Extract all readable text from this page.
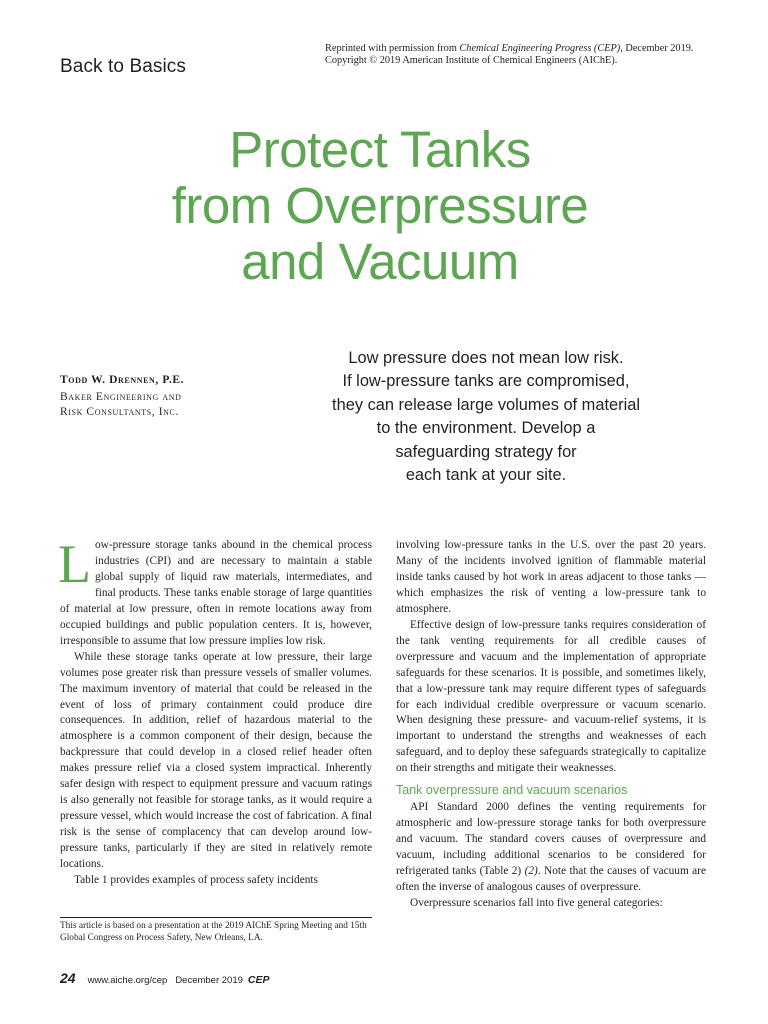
Back to Basics
Reprinted with permission from Chemical Engineering Progress (CEP), December 2019.
Copyright © 2019 American Institute of Chemical Engineers (AIChE).
Protect Tanks
from Overpressure
and Vacuum
Todd W. Drennen, P.E.
Baker Engineering and
Risk Consultants, Inc.
Low pressure does not mean low risk.
If low-pressure tanks are compromised,
they can release large volumes of material
to the environment. Develop a
safeguarding strategy for
each tank at your site.

Low-pressure storage tanks abound in the chemical process industries (CPI) and are necessary to maintain a stable global supply of liquid raw materials, intermediates, and final products. These tanks enable storage of large quantities of material at low pressure, often in remote locations away from occupied buildings and public population centers. It is, however, irresponsible to assume that low pressure implies low risk.

While these storage tanks operate at low pressure, their large volumes pose greater risk than pressure vessels of smaller volumes. The maximum inventory of material that could be released in the event of loss of primary containment could produce dire consequences. In addition, relief of hazardous material to the atmosphere is a common component of their design, because the backpressure that could develop in a closed relief header often makes pressure relief via a closed system impractical. Inherently safer design with respect to equipment pressure and vacuum ratings is also generally not feasible for storage tanks, as it would require a pressure vessel, which would increase the cost of fabrication. A final risk is the sense of complacency that can develop around low-pressure tanks, particularly if they are sited in relatively remote locations.

Table 1 provides examples of process safety incidents

involving low-pressure tanks in the U.S. over the past 20 years. Many of the incidents involved ignition of flammable material inside tanks caused by hot work in areas adjacent to those tanks — which emphasizes the risk of venting a low-pressure tank to atmosphere.

Effective design of low-pressure tanks requires consideration of the tank venting requirements for all credible causes of overpressure and vacuum and the implementation of appropriate safeguards for these scenarios. It is possible, and sometimes likely, that a low-pressure tank may require different types of safeguards for each individual credible overpressure or vacuum scenario. When designing these pressure- and vacuum-relief systems, it is important to understand the strengths and weaknesses of each safeguard, and to deploy these safeguards strategically to capitalize on their strengths and mitigate their weaknesses.

Tank overpressure and vacuum scenarios

API Standard 2000 defines the venting requirements for atmospheric and low-pressure storage tanks for both overpressure and vacuum. The standard covers causes of overpressure and vacuum, including additional scenarios to be considered for refrigerated tanks (Table 2) (2). Note that the causes of vacuum are often the inverse of analogous causes of overpressure.

Overpressure scenarios fall into five general categories:

This article is based on a presentation at the 2019 AIChE Spring Meeting and 15th Global Congress on Process Safety, New Orleans, LA.
24 www.aiche.org/cep December 2019 CEP
